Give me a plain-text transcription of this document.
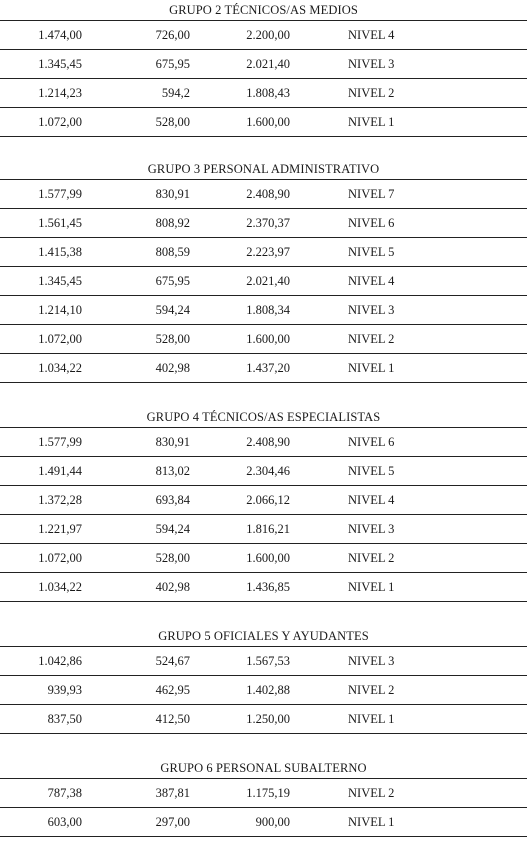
GRUPO 2 TÉCNICOS/AS MEDIOS
1.474,00	726,00	2.200,00	NIVEL 4
1.345,45	675,95	2.021,40	NIVEL 3
1.214,23	594,2	1.808,43	NIVEL 2
1.072,00	528,00	1.600,00	NIVEL 1
GRUPO 3 PERSONAL ADMINISTRATIVO
1.577,99	830,91	2.408,90	NIVEL 7
1.561,45	808,92	2.370,37	NIVEL 6
1.415,38	808,59	2.223,97	NIVEL 5
1.345,45	675,95	2.021,40	NIVEL 4
1.214,10	594,24	1.808,34	NIVEL 3
1.072,00	528,00	1.600,00	NIVEL 2
1.034,22	402,98	1.437,20	NIVEL 1
GRUPO 4 TÉCNICOS/AS ESPECIALISTAS
1.577,99	830,91	2.408,90	NIVEL 6
1.491,44	813,02	2.304,46	NIVEL 5
1.372,28	693,84	2.066,12	NIVEL 4
1.221,97	594,24	1.816,21	NIVEL 3
1.072,00	528,00	1.600,00	NIVEL 2
1.034,22	402,98	1.436,85	NIVEL 1
GRUPO 5 OFICIALES Y AYUDANTES
1.042,86	524,67	1.567,53	NIVEL 3
939,93	462,95	1.402,88	NIVEL 2
837,50	412,50	1.250,00	NIVEL 1
GRUPO 6 PERSONAL SUBALTERNO
787,38	387,81	1.175,19	NIVEL 2
603,00	297,00	900,00	NIVEL 1
